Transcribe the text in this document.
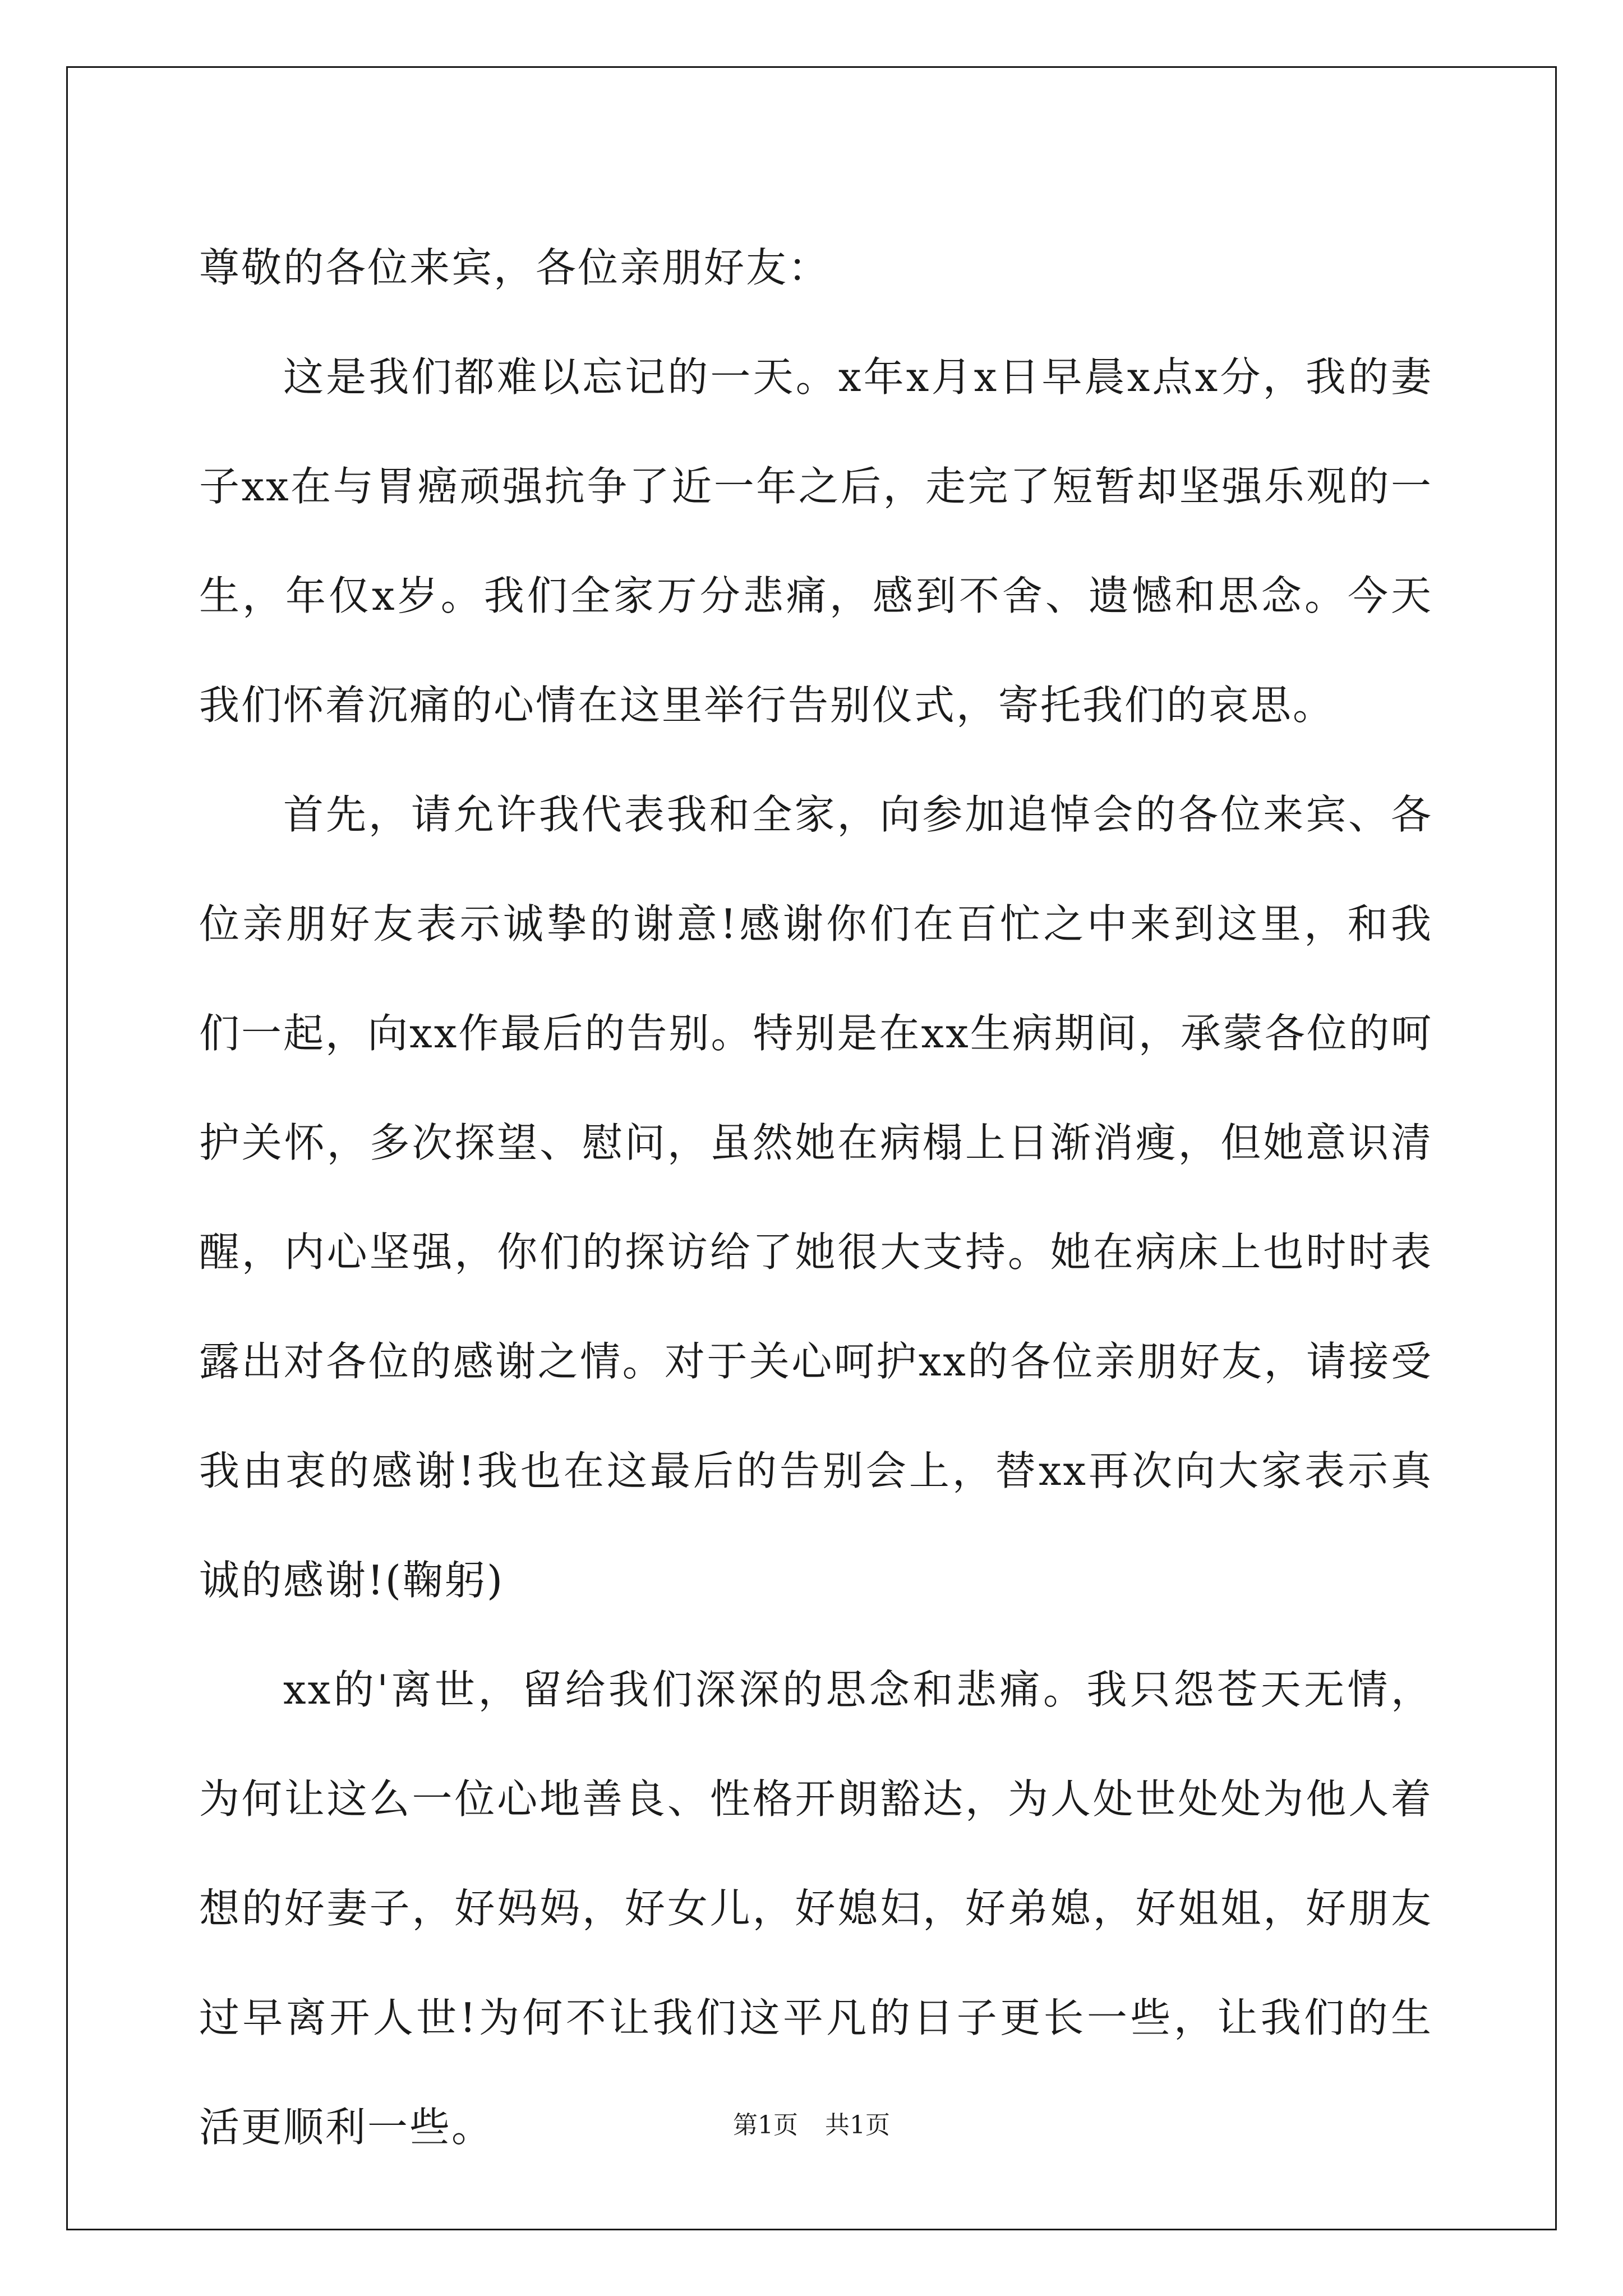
尊敬的各位来宾，各位亲朋好友：

这是我们都难以忘记的一天。x年x月x日早晨x点x分，我的妻子xx在与胃癌顽强抗争了近一年之后，走完了短暂却坚强乐观的一生，年仅x岁。我们全家万分悲痛，感到不舍、遗憾和思念。今天我们怀着沉痛的心情在这里举行告别仪式，寄托我们的哀思。

首先，请允许我代表我和全家，向参加追悼会的各位来宾、各位亲朋好友表示诚挚的谢意!感谢你们在百忙之中来到这里，和我们一起，向xx作最后的告别。特别是在xx生病期间，承蒙各位的呵护关怀，多次探望、慰问，虽然她在病榻上日渐消瘦，但她意识清醒，内心坚强，你们的探访给了她很大支持。她在病床上也时时表露出对各位的感谢之情。对于关心呵护xx的各位亲朋好友，请接受我由衷的感谢!我也在这最后的告别会上，替xx再次向大家表示真诚的感谢!(鞠躬)

xx的'离世，留给我们深深的思念和悲痛。我只怨苍天无情，为何让这么一位心地善良、性格开朗豁达，为人处世处处为他人着想的好妻子，好妈妈，好女儿，好媳妇，好弟媳，好姐姐，好朋友过早离开人世!为何不让我们这平凡的日子更长一些，让我们的生活更顺利一些。	第1页 共1页
